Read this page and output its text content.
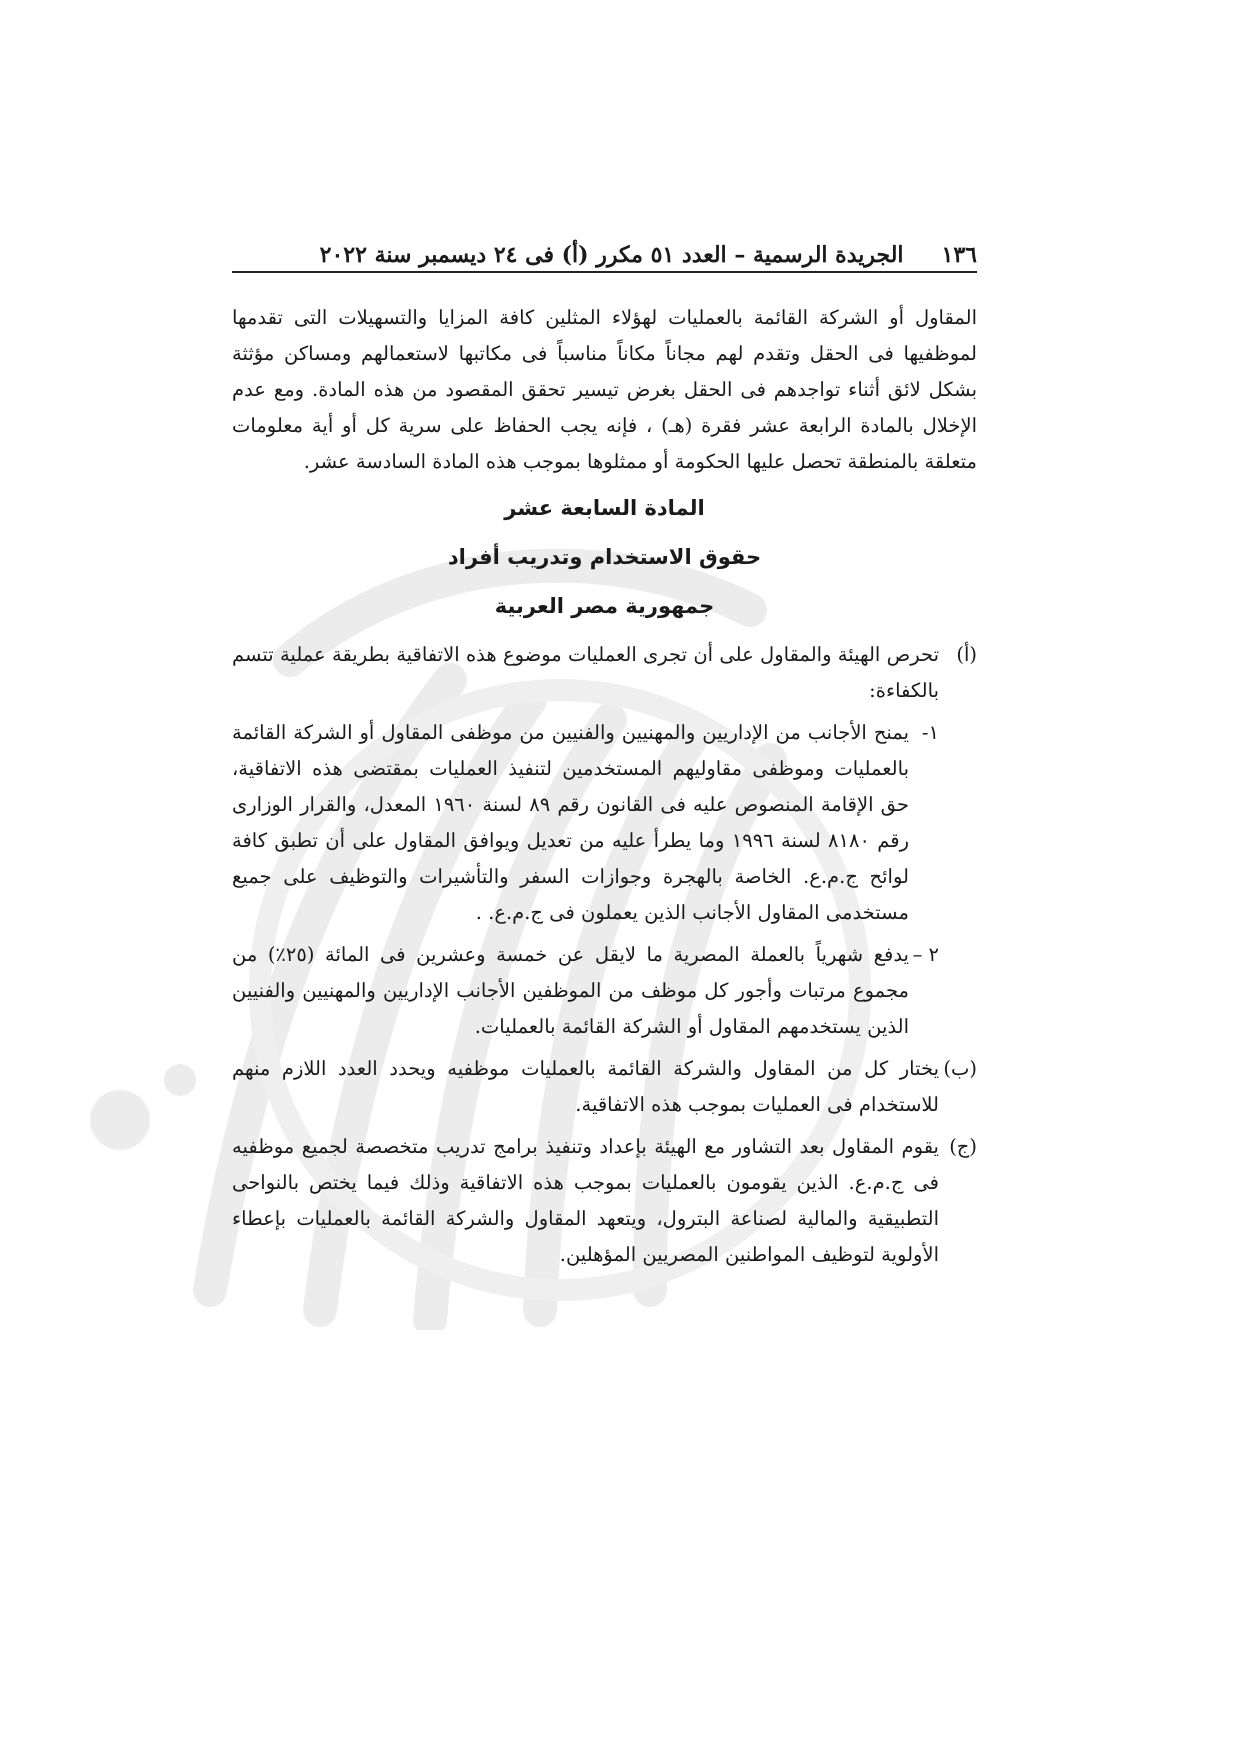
١٣٦
الجريدة الرسمية – العدد ٥١ مكرر (أ) فى ٢٤ ديسمبر سنة ٢٠٢٢

المقاول أو الشركة القائمة بالعمليات لهؤلاء المثلين كافة المزايا والتسهيلات التى تقدمها لموظفيها فى الحقل وتقدم لهم مجاناً مكاناً مناسباً فى مكاتبها لاستعمالهم ومساكن مؤثثة بشكل لائق أثناء تواجدهم فى الحقل بغرض تيسير تحقق المقصود من هذه المادة. ومع عدم الإخلال بالمادة الرابعة عشر فقرة (هـ) ، فإنه يجب الحفاظ على سرية كل أو أية معلومات متعلقة بالمنطقة تحصل عليها الحكومة أو ممثلوها بموجب هذه المادة السادسة عشر.

المادة السابعة عشر
حقوق الاستخدام وتدريب أفراد
جمهورية مصر العربية
(أ)

تحرص الهيئة والمقاول على أن تجرى العمليات موضوع هذه الاتفاقية بطريقة عملية تتسم بالكفاءة:

١-

يمنح الأجانب من الإداريين والمهنيين والفنيين من موظفى المقاول أو الشركة القائمة بالعمليات وموظفى مقاوليهم المستخدمين لتنفيذ العمليات بمقتضى هذه الاتفاقية، حق الإقامة المنصوص عليه فى القانون رقم ٨٩ لسنة ١٩٦٠ المعدل، والقرار الوزارى رقم ٨١٨٠ لسنة ١٩٩٦ وما يطرأ عليه من تعديل ويوافق المقاول على أن تطبق كافة لوائح ج.م.ع. الخاصة بالهجرة وجوازات السفر والتأشيرات والتوظيف على جميع مستخدمى المقاول الأجانب الذين يعملون فى ج.م.ع. .

٢ –

يدفع شهرياً بالعملة المصرية ما لايقل عن خمسة وعشرين فى المائة (٢٥٪) من مجموع مرتبات وأجور كل موظف من الموظفين الأجانب الإداريين والمهنيين والفنيين الذين يستخدمهم المقاول أو الشركة القائمة بالعمليات.

(ب)

يختار كل من المقاول والشركة القائمة بالعمليات موظفيه ويحدد العدد اللازم منهم للاستخدام فى العمليات بموجب هذه الاتفاقية.

(ج)

يقوم المقاول بعد التشاور مع الهيئة بإعداد وتنفيذ برامج تدريب متخصصة لجميع موظفيه فى ج.م.ع. الذين يقومون بالعمليات بموجب هذه الاتفاقية وذلك فيما يختص بالنواحى التطبيقية والمالية لصناعة البترول، ويتعهد المقاول والشركة القائمة بالعمليات بإعطاء الأولوية لتوظيف المواطنين المصريين المؤهلين.
